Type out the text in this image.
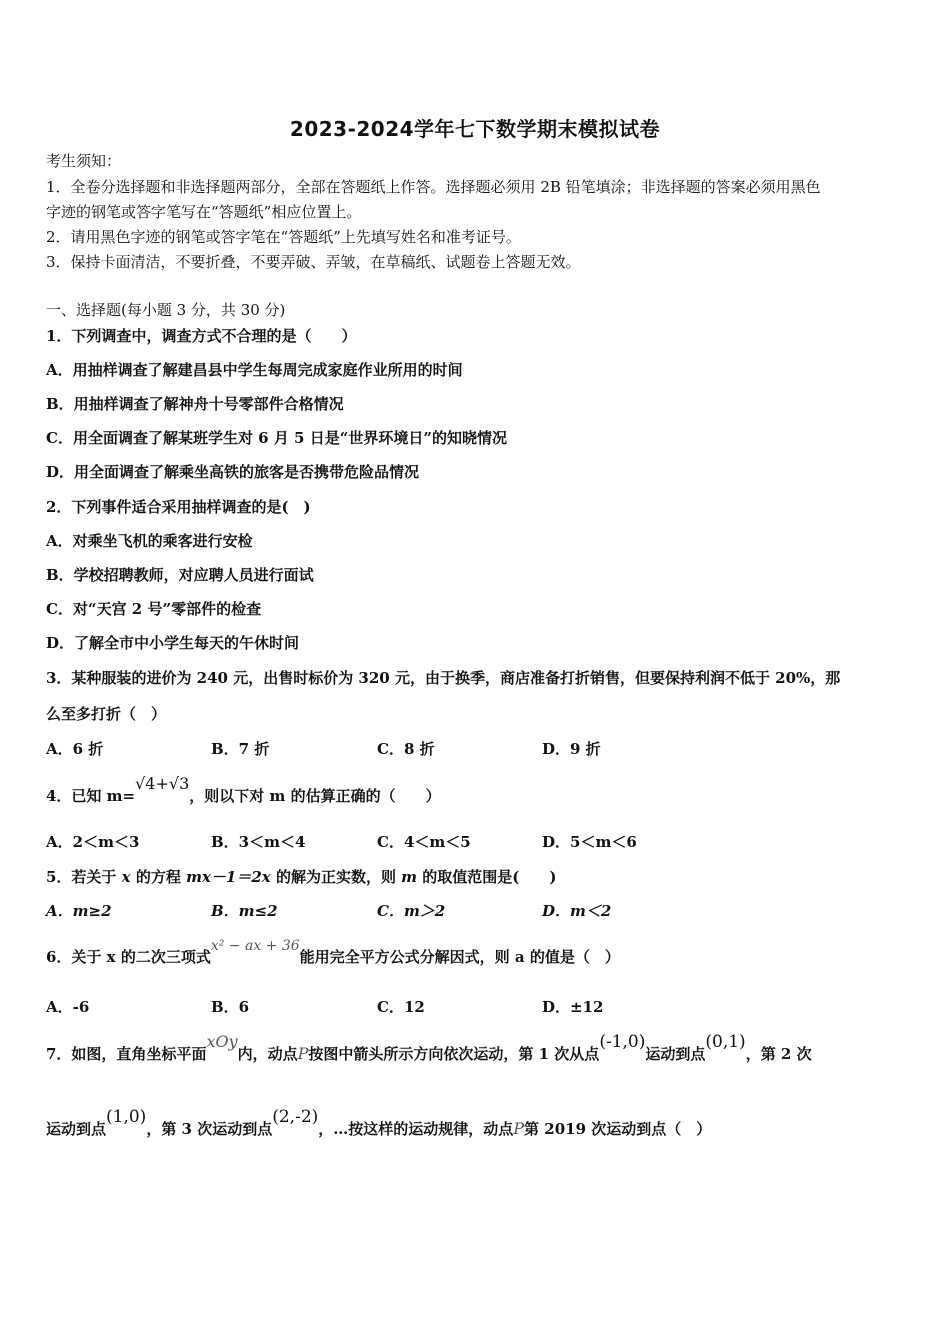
2023-2024学年七下数学期末模拟试卷
考生须知：
1．全卷分选择题和非选择题两部分，全部在答题纸上作答。选择题必须用 2B 铅笔填涂；非选择题的答案必须用黑色
字迹的钢笔或答字笔写在“答题纸”相应位置上。
2．请用黑色字迹的钢笔或答字笔在“答题纸”上先填写姓名和准考证号。
3．保持卡面清洁，不要折叠，不要弄破、弄皱，在草稿纸、试题卷上答题无效。
一、选择题(每小题 3 分，共 30 分)
1．下列调查中，调查方式不合理的是（　　）
A．用抽样调查了解建昌县中学生每周完成家庭作业所用的时间
B．用抽样调查了解神舟十号零部件合格情况
C．用全面调查了解某班学生对 6 月 5 日是“世界环境日”的知晓情况
D．用全面调查了解乘坐高铁的旅客是否携带危险品情况
2．下列事件适合采用抽样调查的是(　)
A．对乘坐飞机的乘客进行安检
B．学校招聘教师，对应聘人员进行面试
C．对“天宫 2 号”零部件的检查
D．了解全市中小学生每天的午休时间
3．某种服装的进价为 240 元，出售时标价为 320 元，由于换季，商店准备打折销售，但要保持利润不低于 20%，那
么至多打折（　）
A．6 折	B．7 折	C．8 折	D．9 折
4．已知 m=√4+√3，则以下对 m 的估算正确的（　　）
A．2＜m＜3	B．3＜m＜4	C．4＜m＜5	D．5＜m＜6
5．若关于 x 的方程 mx－1＝2x 的解为正实数，则 m 的取值范围是(　　)
A．m≥2	B．m≤2	C．m＞2	D．m＜2
6．关于 x 的二次三项式x² − ax + 36能用完全平方公式分解因式，则 a 的值是（　）
A．-6	B．6	C．12	D．±12
7．如图，直角坐标平面xOy内，动点P按图中箭头所示方向依次运动，第 1 次从点(-1,0)运动到点(0,1)，第 2 次
运动到点(1,0)，第 3 次运动到点(2,-2)，…按这样的运动规律，动点P第 2019 次运动到点（　）
